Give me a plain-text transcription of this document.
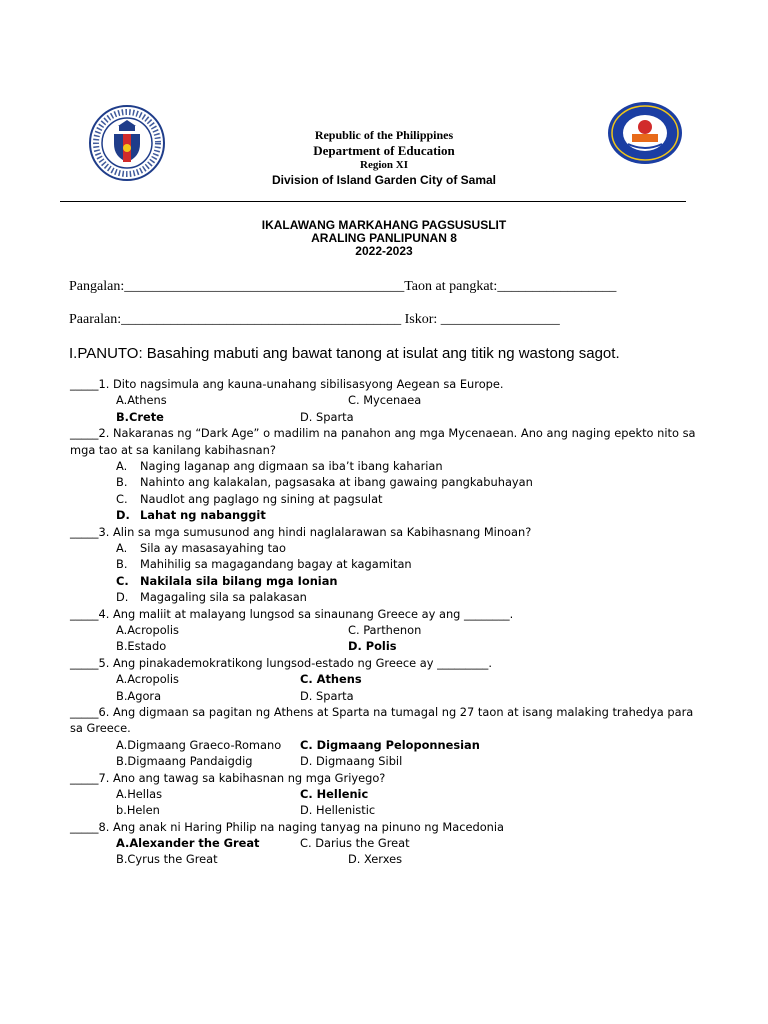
Republic of the Philippines
Department of Education
Region XI
Division of Island Garden City of Samal
IKALAWANG MARKAHANG PAGSUSUSLIT
ARALING PANLIPUNAN 8
2022-2023
Pangalan:________________________________________Taon at pangkat:_________________
Paaralan:________________________________________ Iskor: _________________
I.PANUTO: Basahing mabuti ang bawat tanong at isulat ang titik ng wastong sagot.
_____1. Dito nagsimula ang kauna-unahang sibilisasyong Aegean sa Europe.
A.Athens	C. Mycenaea
B.Crete	D. Sparta
_____2. Nakaranas ng “Dark Age” o madilim na panahon ang mga Mycenaean. Ano ang naging epekto nito sa mga tao at sa kanilang kabihasnan?
A. Naging laganap ang digmaan sa iba’t ibang kaharian
B. Nahinto ang kalakalan, pagsasaka at ibang gawaing pangkabuhayan
C. Naudlot ang paglago ng sining at pagsulat
D. Lahat ng nabanggit
_____3. Alin sa mga sumusunod ang hindi naglalarawan sa Kabihasnang Minoan?
A. Sila ay masasayahing tao
B. Mahihilig sa magagandang bagay at kagamitan
C. Nakilala sila bilang mga Ionian
D. Magagaling sila sa palakasan
_____4. Ang maliit at malayang lungsod sa sinaunang Greece ay ang ________.
A.Acropolis	C. Parthenon
B.Estado	D. Polis
_____5. Ang pinakademokratikong lungsod-estado ng Greece ay _________.
A.Acropolis	C. Athens
B.Agora	D. Sparta
_____6. Ang digmaan sa pagitan ng Athens at Sparta na tumagal ng 27 taon at isang malaking trahedya para sa Greece.
A.Digmaang Graeco-Romano C. Digmaang Peloponnesian
B.Digmaang Pandaigdig	D. Digmaang Sibil
_____7. Ano ang tawag sa kabihasnan ng mga Griyego?
A.Hellas	C. Hellenic
b.Helen	D. Hellenistic
_____8. Ang anak ni Haring Philip na naging tanyag na pinuno ng Macedonia
A.Alexander the Great	C. Darius the Great
B.Cyrus the Great	D. Xerxes
